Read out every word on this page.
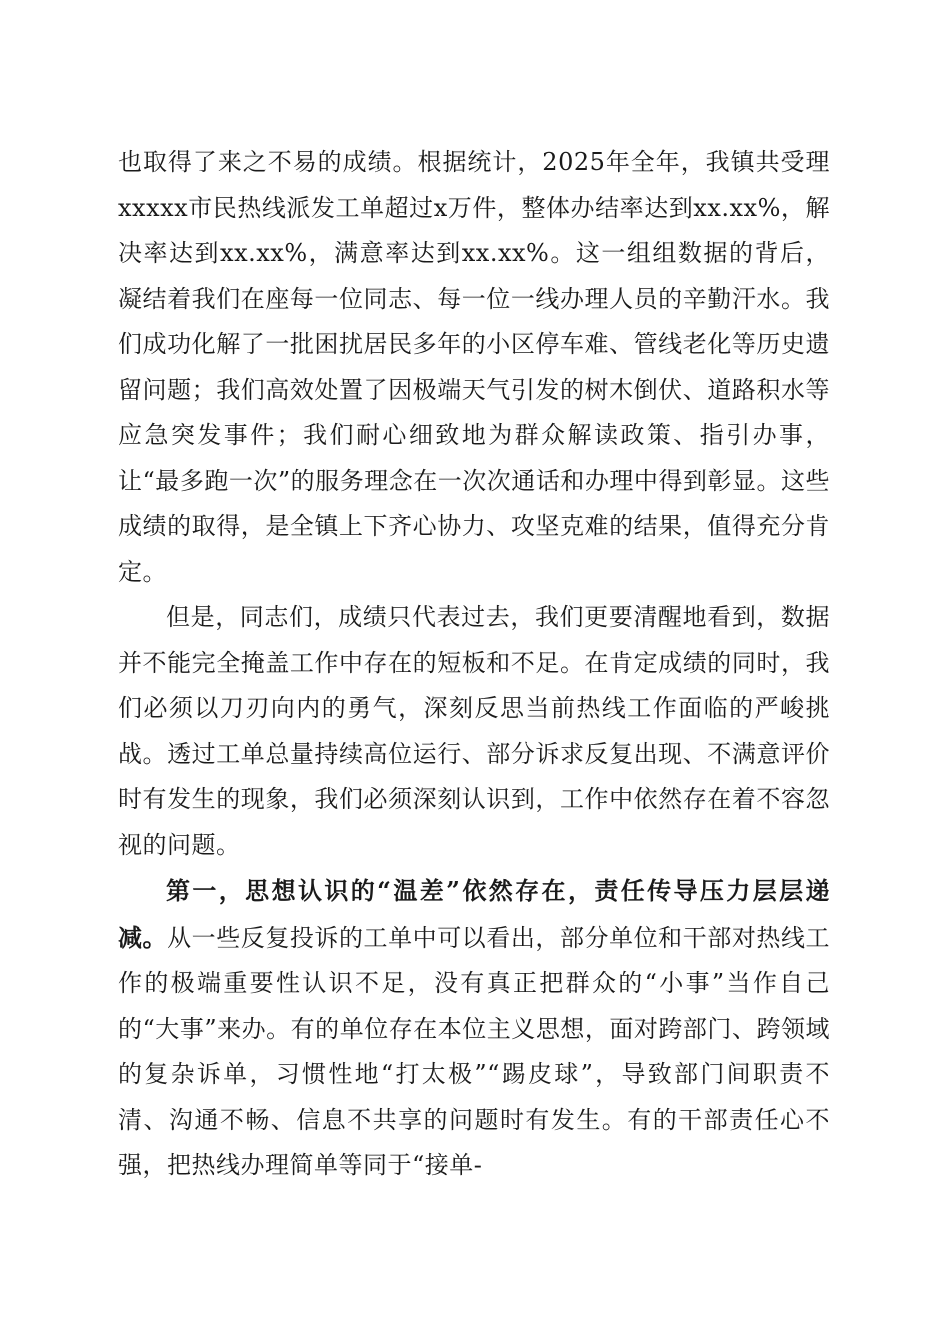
也取得了来之不易的成绩。根据统计，2025年全年，我镇共受理xxxxx市民热线派发工单超过x万件，整体办结率达到xx.xx%，解决率达到xx.xx%，满意率达到xx.xx%。这一组组数据的背后，凝结着我们在座每一位同志、每一位一线办理人员的辛勤汗水。我们成功化解了一批困扰居民多年的小区停车难、管线老化等历史遗留问题；我们高效处置了因极端天气引发的树木倒伏、道路积水等应急突发事件；我们耐心细致地为群众解读政策、指引办事，让“最多跑一次”的服务理念在一次次通话和办理中得到彰显。这些成绩的取得，是全镇上下齐心协力、攻坚克难的结果，值得充分肯定。

但是，同志们，成绩只代表过去，我们更要清醒地看到，数据并不能完全掩盖工作中存在的短板和不足。在肯定成绩的同时，我们必须以刀刃向内的勇气，深刻反思当前热线工作面临的严峻挑战。透过工单总量持续高位运行、部分诉求反复出现、不满意评价时有发生的现象，我们必须深刻认识到，工作中依然存在着不容忽视的问题。

第一，思想认识的“温差”依然存在，责任传导压力层层递减。从一些反复投诉的工单中可以看出，部分单位和干部对热线工作的极端重要性认识不足，没有真正把群众的“小事”当作自己的“大事”来办。有的单位存在本位主义思想，面对跨部门、跨领域的复杂诉单，习惯性地“打太极”“踢皮球”，导致部门间职责不清、沟通不畅、信息不共享的问题时有发生。有的干部责任心不强，把热线办理简单等同于“接单-
